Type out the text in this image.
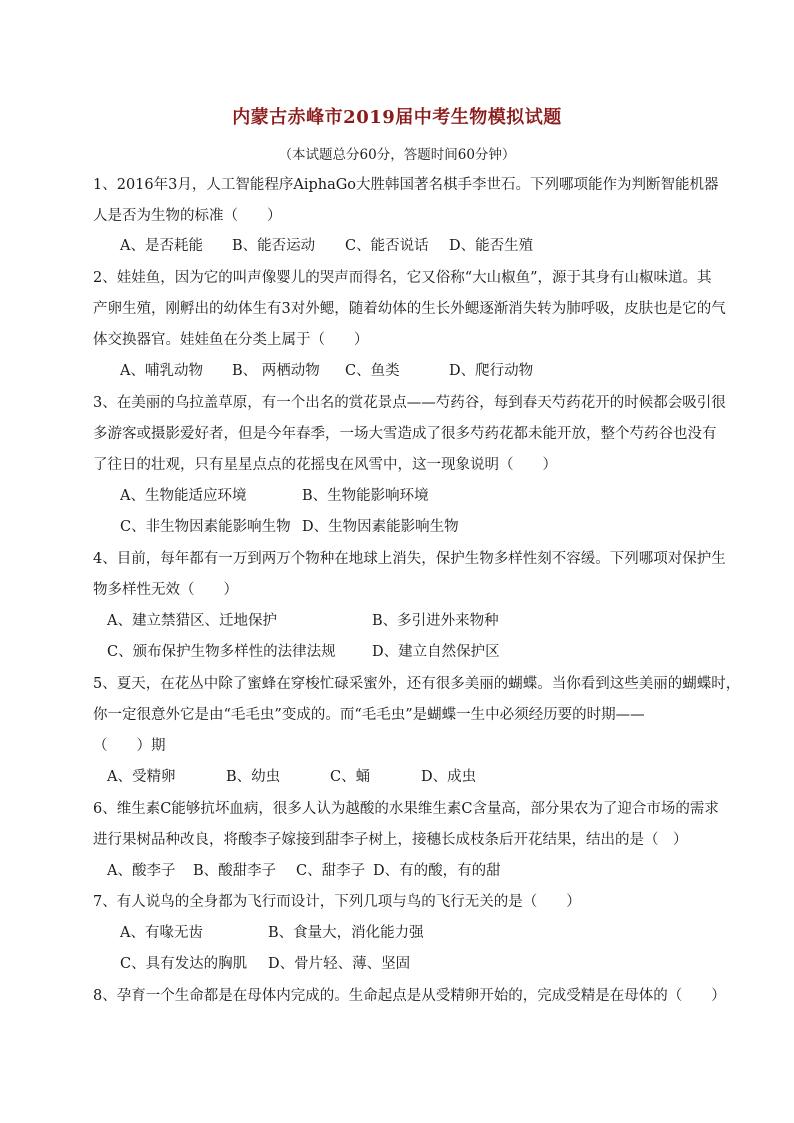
内蒙古赤峰市2019届中考生物模拟试题
（本试题总分60分，答题时间60分钟）
1、2016年3月，人工智能程序AiphaGo大胜韩国著名棋手李世石。下列哪项能作为判断智能机器
人是否为生物的标准（　　）
A、是否耗能 B、能否运动 C、能否说话 D、能否生殖
2、娃娃鱼，因为它的叫声像婴儿的哭声而得名，它又俗称“大山椒鱼”，源于其身有山椒味道。其
产卵生殖，刚孵出的幼体生有3对外鳃，随着幼体的生长外鳃逐渐消失转为肺呼吸，皮肤也是它的气
体交换器官。娃娃鱼在分类上属于（　　）
A、哺乳动物 B、 两栖动物 C、鱼类	D、爬行动物
3、在美丽的乌拉盖草原，有一个出名的赏花景点——芍药谷，每到春天芍药花开的时候都会吸引很
多游客或摄影爱好者，但是今年春季，一场大雪造成了很多芍药花都未能开放，整个芍药谷也没有
了往日的壮观，只有星星点点的花摇曳在风雪中，这一现象说明（　　）
A、生物能适应环境	B、生物能影响环境
C、非生物因素能影响生物 D、生物因素能影响生物
4、目前，每年都有一万到两万个物种在地球上消失，保护生物多样性刻不容缓。下列哪项对保护生
物多样性无效（　　）
A、建立禁猎区、迁地保护	B、多引进外来物种
C、颁布保护生物多样性的法律法规	D、建立自然保护区
5、夏天，在花丛中除了蜜蜂在穿梭忙碌采蜜外，还有很多美丽的蝴蝶。当你看到这些美丽的蝴蝶时，
你一定很意外它是由“毛毛虫”变成的。而“毛毛虫”是蝴蝶一生中必须经历要的时期——
（　　）期
A、受精卵	B、幼虫	C、蛹	D、成虫
6、维生素C能够抗坏血病，很多人认为越酸的水果维生素C含量高，部分果农为了迎合市场的需求
进行果树品种改良，将酸李子嫁接到甜李子树上，接穗长成枝条后开花结果，结出的是（　）
A、酸李子 B、酸甜李子 C、甜李子 D、有的酸，有的甜
7、有人说鸟的全身都为飞行而设计，下列几项与鸟的飞行无关的是（　　）
A、有喙无齿	B、食量大，消化能力强
C、具有发达的胸肌 D、骨片轻、薄、坚固
8、孕育一个生命都是在母体内完成的。生命起点是从受精卵开始的，完成受精是在母体的（　　）
